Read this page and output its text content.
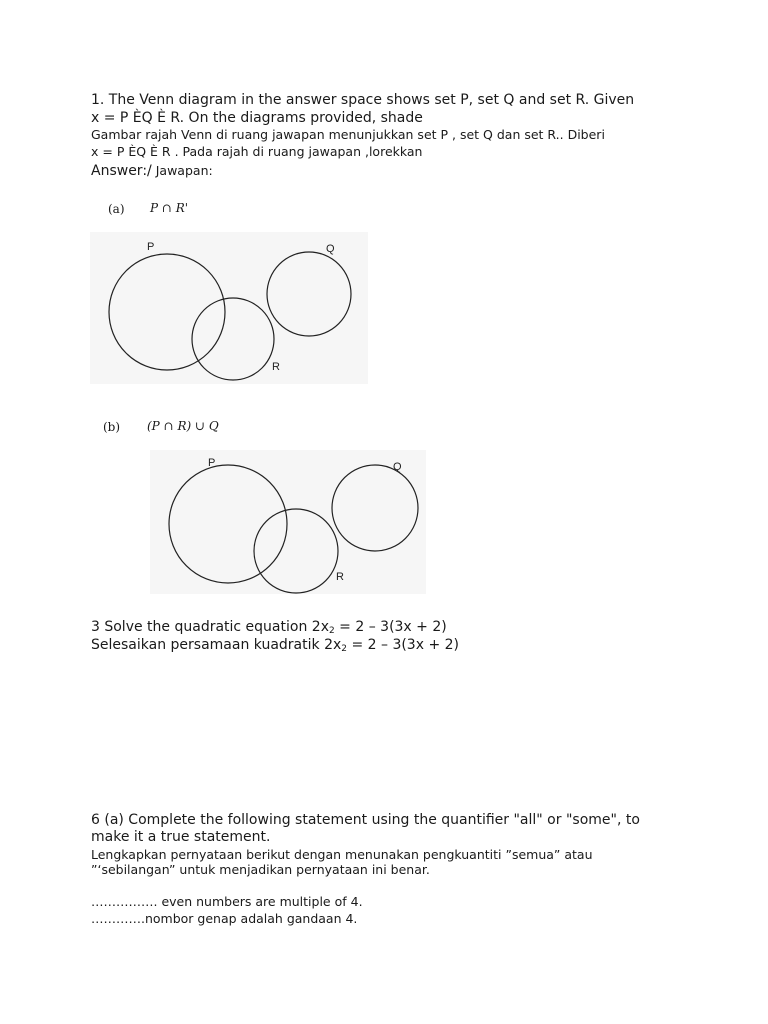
1. The Venn diagram in the answer space shows set P, set Q and set R. Given
x = P ÈQ È R. On the diagrams provided, shade
Gambar rajah Venn di ruang jawapan menunjukkan set P , set Q dan set R.. Diberi
x = P ÈQ È R . Pada rajah di ruang jawapan ,lorekkan
Answer:/ Jawapan:
(a) P ∩ R'
P	Q
R
(b) (P ∩ R) ∪ Q
P	Q
R
3 Solve the quadratic equation $2x_2 = 2 - 3(3x + 2)$
Selesaikan persamaan kuadratik $2x_2 = 2 - 3(3x + 2)$
6 (a) Complete the following statement using the quantifier "all" or "some", to
make it a true statement.
Lengkapkan pernyataan berikut dengan menunakan pengkuantiti ”semua” atau
”‘sebilangan” untuk menjadikan pernyataan ini benar.
……………. even numbers are multiple of 4.
………….nombor genap adalah gandaan 4.
